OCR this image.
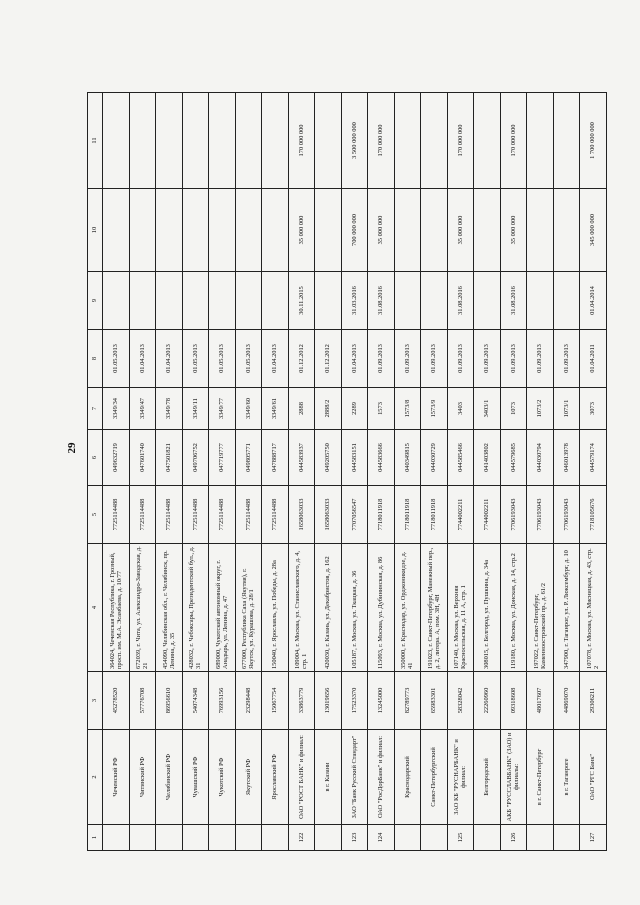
29
1	2	3	4	5	6	7	8	9	10	11
	Чеченский РФ	45278520	364024, Чеченская Республика, г. Грозный, просп. им. М.А. Эсамбаева, д. 10/77	7725114488	049632719	3349/34	01.05.2013			
	Читинский РФ	57776708	672039, г. Чита, ул. Александро-Заводская, д. 21	7725114488	047601740	3349/47	01.04.2013			
	Челябинский РФ	86956610	454090, Челябинская обл., г. Челябинск, пр. Ленина, д. 35	7725114488	047501821	3349/78	01.04.2013			
	Чувашский РФ	54074348	428032, г. Чебоксары, Президентский бул., д. 31	7725114488	049706752	3349/11	01.05.2013			
	Чукотский РФ	76993156	689000, Чукотский автономный округ, г. Анадырь, ул. Ленина, д. 47	7725114488	047719777	3349/77	01.05.2013			
	Якутский РФ	23298448	677000, Республика Саха (Якутия), г. Якутск, ул. Курашова, д. 28/1	7725114488	049805771	3349/60	01.05.2013			
	Ярославский РФ	15067754	150040, г. Ярославль, ул. Победы, д. 28а	7725114488	047888717	3349/61	01.04.2013			
122	ОАО "РОСТ БАНК" и филиал:	33863779	109004, г. Москва, ул. Станиславского, д. 4, стр. 1	1658063033	044583937	2888	01.12.2012	30.11.2015	35 000 000	170 000 000
	в г. Казани	13019656	420030, г. Казань, ул. Декабристов, д. 162	1658063033	049205750	2888/2	01.12.2012			
123	ЗАО "Банк Русский Стандарт"	17523370	105187, г. Москва, ул. Ткацкая, д. 36	7707056547	044583151	2289	01.04.2013	31.03.2016	700 000 000	3 500 000 000
124	ОАО "РосДорБанк" и филиал:	13245000	115093, г. Москва, ул. Дубининская, д. 86	7718011918	044583666	1573	01.09.2013	31.08.2016	35 000 000	170 000 000
	Краснодарский	82789773	350000, г. Краснодар, ул. Орджоникидзе, д. 41	7718011918	040349815	1573/8	01.09.2013			
	Санкт-Петербургский	65983301	191023, г. Санкт-Петербург, Манежный пер., д. 2, литера. А, пом. 3Н, 4Н	7718011918	044030729	1573/9	01.09.2013			
125	ЗАО КБ "РУСНАРБАНК" и филиал:	58328042	107140, г. Москва, ул. Верхняя Красносельская, д. 11 А, стр. 1	7744002211	044585466	3403	01.09.2013	31.08.2016	35 000 000	170 000 000
	Белгородский	22260960	308015, г. Белгород, ул. Пушкина, д. 34а	7744002211	041403802	3403/1	01.09.2013			
126	АКБ "РУССЛАВБАНК" (ЗАО) и филиалы:	09318608	119180, г. Москва, ул. Донская, д. 14, стр.2	7706193043	044579685	1073	01.09.2013	31.08.2016	35 000 000	170 000 000
	в г. Санкт-Петербург	48017607	197022, г. Санкт-Петербург, Каменноостровский пр., д. 61/2	7706193043	044030794	1073/2	01.09.2013			
	в г. Таганроге	44869070	347900, г. Таганрог, ул. Р. Люксембург, д. 10	7706193043	046013978	1073/1	01.09.2013			
127	ОАО "РГС Банк"	29306211	107078, г. Москва, ул. Мясницкая, д. 43, стр. 2	7718105676	044579174	3073	01.04.2011	01.04.2014	345 000 000	1 700 000 000
